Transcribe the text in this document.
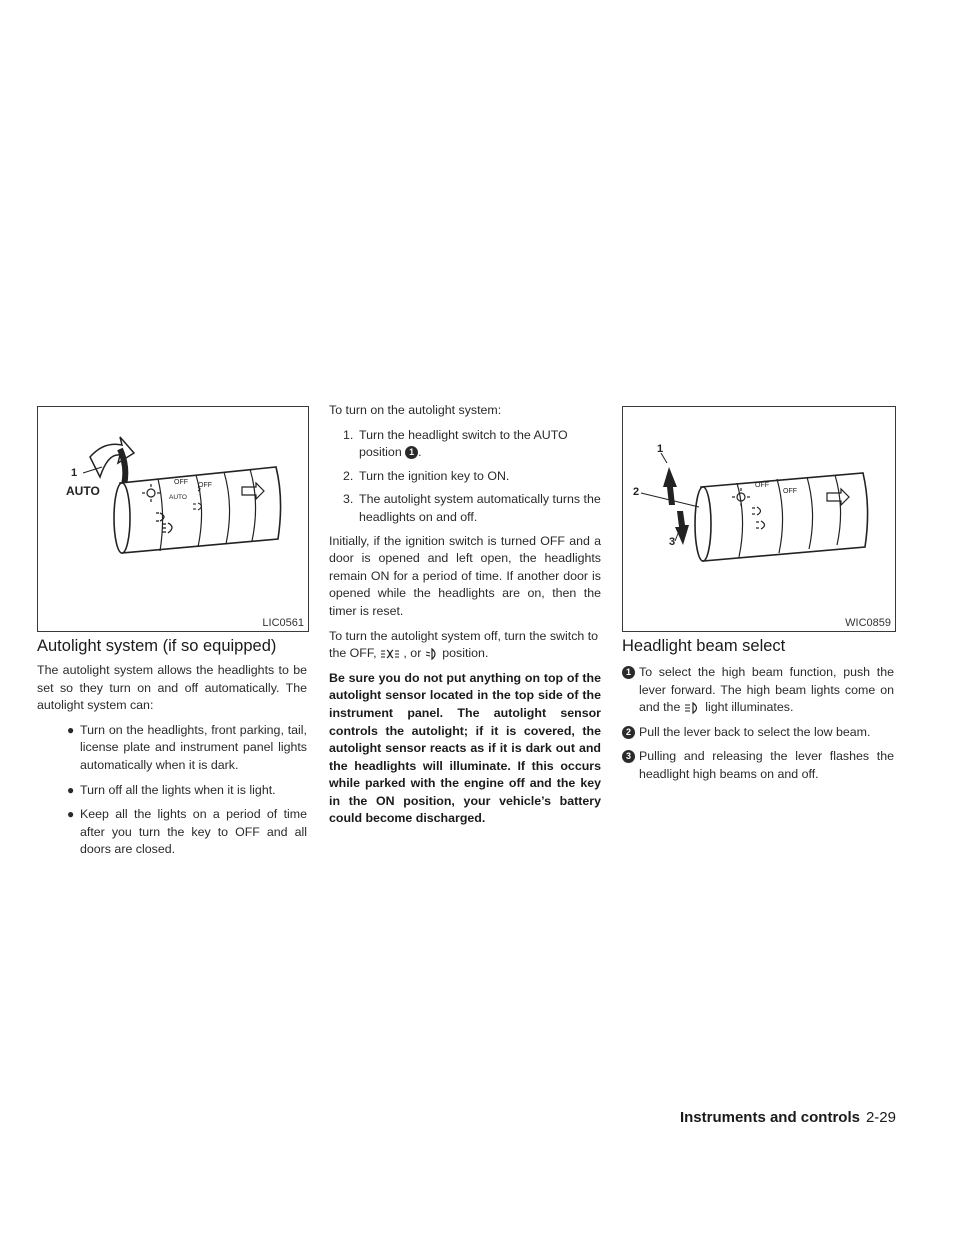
OFF
AUTO
OFF
1
AUTO
LIC0561
Autolight system (if so equipped)

The autolight system allows the headlights to be set so they turn on and off automatically. The autolight system can:

● Turn on the headlights, front parking, tail, license plate and instrument panel lights automatically when it is dark.
● Turn off all the lights when it is light.
● Keep all the lights on a period of time after you turn the key to OFF and all doors are closed.

To turn on the autolight system:

1. Turn the headlight switch to the AUTO position 1 .
2. Turn the ignition key to ON.
3. The autolight system automatically turns the headlights on and off.

Initially, if the ignition switch is turned OFF and a door is opened and left open, the headlights remain ON for a period of time. If another door is opened while the headlights are on, then the timer is reset.

To turn the autolight system off, turn the switch to the OFF, , or position.

Be sure you do not put anything on top of the autolight sensor located in the top side of the instrument panel. The autolight sensor controls the autolight; if it is covered, the autolight sensor reacts as if it is dark out and the headlights will illuminate. If this occurs while parked with the engine off and the key in the ON position, your vehicle’s battery could become discharged.

OFF
OFF
1
2
3
WIC0859
Headlight beam select
1 To select the high beam function, push the lever forward. The high beam lights come on and the light illuminates.
2 Pull the lever back to select the low beam.
3 Pulling and releasing the lever flashes the headlight high beams on and off.
Instruments and controls 2-29
